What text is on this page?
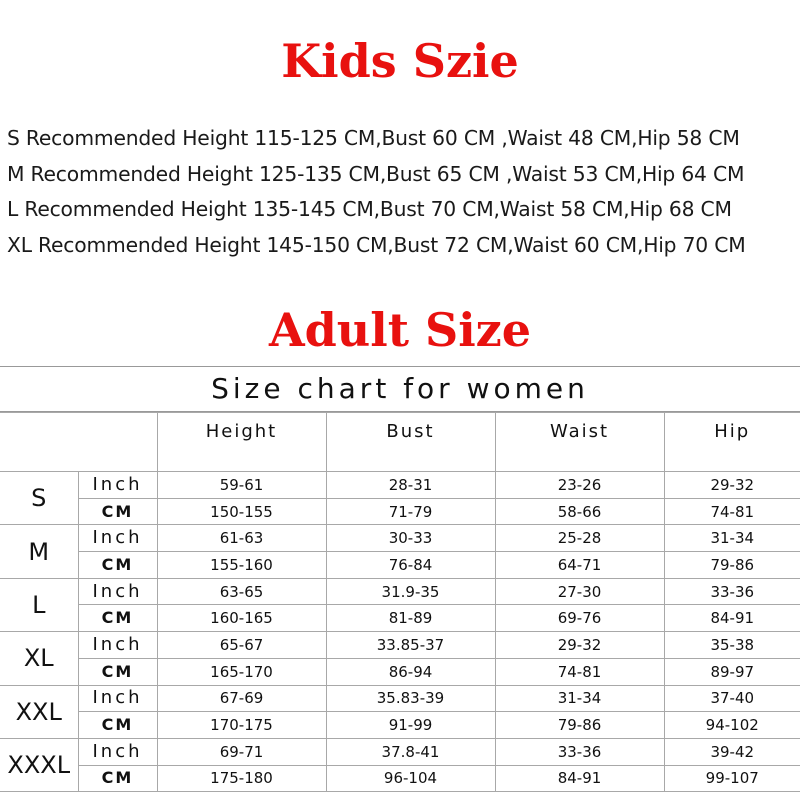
Kids Szie
S Recommended Height 115-125 CM,Bust 60 CM ,Waist 48 CM,Hip 58 CM
M Recommended Height 125-135 CM,Bust 65 CM ,Waist 53 CM,Hip 64 CM
L Recommended Height 135-145 CM,Bust 70 CM,Waist 58 CM,Hip 68 CM
XL Recommended Height 145-150 CM,Bust 72 CM,Waist 60 CM,Hip 70 CM
Adult Size
Size chart for women
		Height	Bust	Waist	Hip
S	Inch	59-61	28-31	23-26	29-32
	CM	150-155	71-79	58-66	74-81
M	Inch	61-63	30-33	25-28	31-34
	CM	155-160	76-84	64-71	79-86
L	Inch	63-65	31.9-35	27-30	33-36
	CM	160-165	81-89	69-76	84-91
XL	Inch	65-67	33.85-37	29-32	35-38
	CM	165-170	86-94	74-81	89-97
XXL	Inch	67-69	35.83-39	31-34	37-40
	CM	170-175	91-99	79-86	94-102
XXXL	Inch	69-71	37.8-41	33-36	39-42
	CM	175-180	96-104	84-91	99-107
